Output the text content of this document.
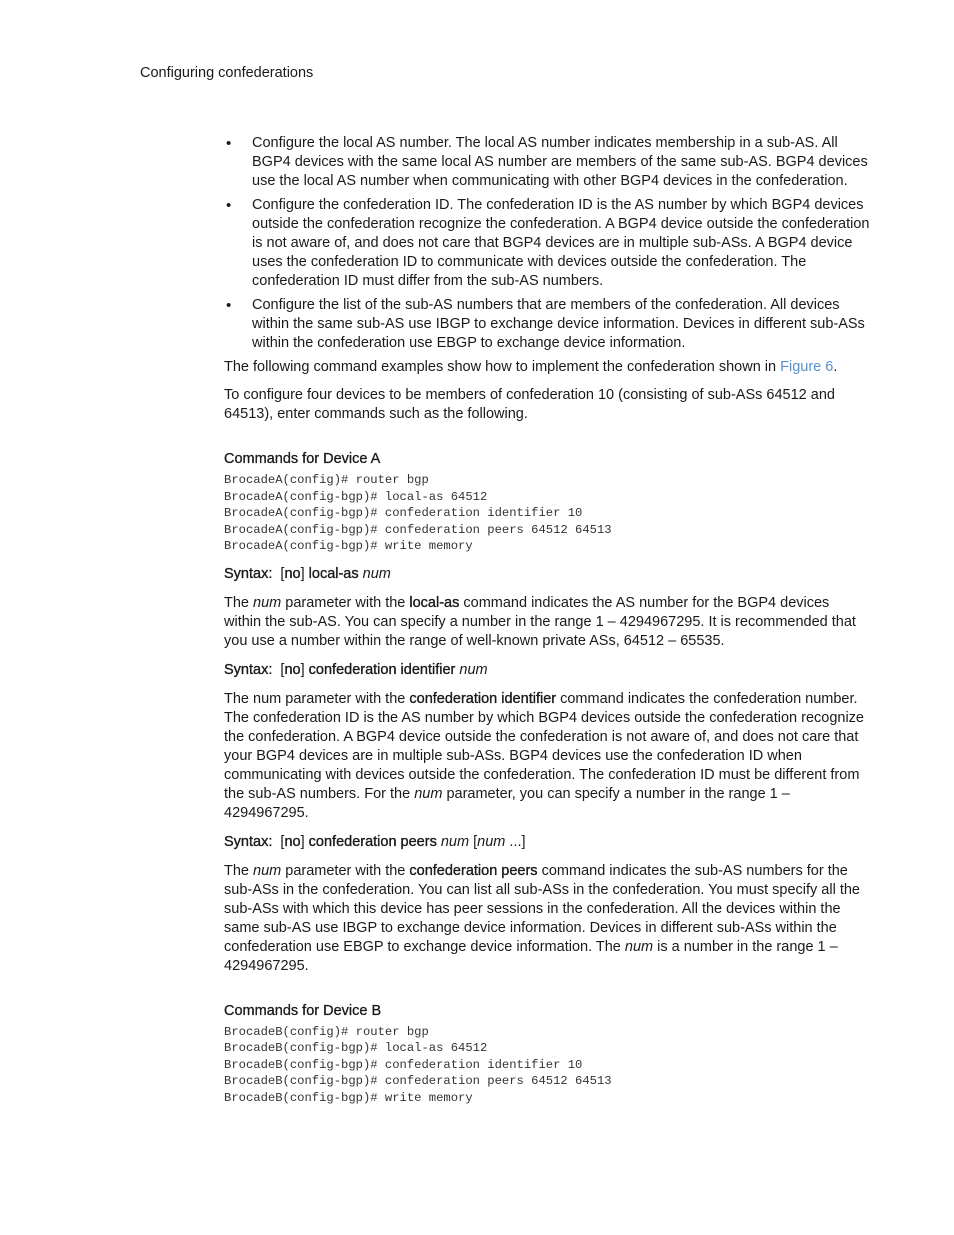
Configuring confederations
• Configure the local AS number. The local AS number indicates membership in a sub-AS. All BGP4 devices with the same local AS number are members of the same sub-AS. BGP4 devices use the local AS number when communicating with other BGP4 devices in the confederation.
• Configure the confederation ID. The confederation ID is the AS number by which BGP4 devices outside the confederation recognize the confederation. A BGP4 device outside the confederation is not aware of, and does not care that BGP4 devices are in multiple sub-ASs. A BGP4 device uses the confederation ID to communicate with devices outside the confederation. The confederation ID must differ from the sub-AS numbers.
• Configure the list of the sub-AS numbers that are members of the confederation. All devices within the same sub-AS use IBGP to exchange device information. Devices in different sub-ASs within the confederation use EBGP to exchange device information.

The following command examples show how to implement the confederation shown in Figure 6.

To configure four devices to be members of confederation 10 (consisting of sub-ASs 64512 and 64513), enter commands such as the following.

Commands for Device A
BrocadeA(config)# router bgp
BrocadeA(config-bgp)# local-as 64512
BrocadeA(config-bgp)# confederation identifier 10
BrocadeA(config-bgp)# confederation peers 64512 64513
BrocadeA(config-bgp)# write memory
Syntax: [no] local-as num

The num parameter with the local-as command indicates the AS number for the BGP4 devices within the sub-AS. You can specify a number in the range 1 – 4294967295. It is recommended that you use a number within the range of well-known private ASs, 64512 – 65535.

Syntax: [no] confederation identifier num

The num parameter with the confederation identifier command indicates the confederation number. The confederation ID is the AS number by which BGP4 devices outside the confederation recognize the confederation. A BGP4 device outside the confederation is not aware of, and does not care that your BGP4 devices are in multiple sub-ASs. BGP4 devices use the confederation ID when communicating with devices outside the confederation. The confederation ID must be different from the sub-AS numbers. For the num parameter, you can specify a number in the range 1 – 4294967295.

Syntax: [no] confederation peers num [num ...]

The num parameter with the confederation peers command indicates the sub-AS numbers for the sub-ASs in the confederation. You can list all sub-ASs in the confederation. You must specify all the sub-ASs with which this device has peer sessions in the confederation. All the devices within the same sub-AS use IBGP to exchange device information. Devices in different sub-ASs within the confederation use EBGP to exchange device information. The num is a number in the range 1 – 4294967295.

Commands for Device B
BrocadeB(config)# router bgp
BrocadeB(config-bgp)# local-as 64512
BrocadeB(config-bgp)# confederation identifier 10
BrocadeB(config-bgp)# confederation peers 64512 64513
BrocadeB(config-bgp)# write memory
